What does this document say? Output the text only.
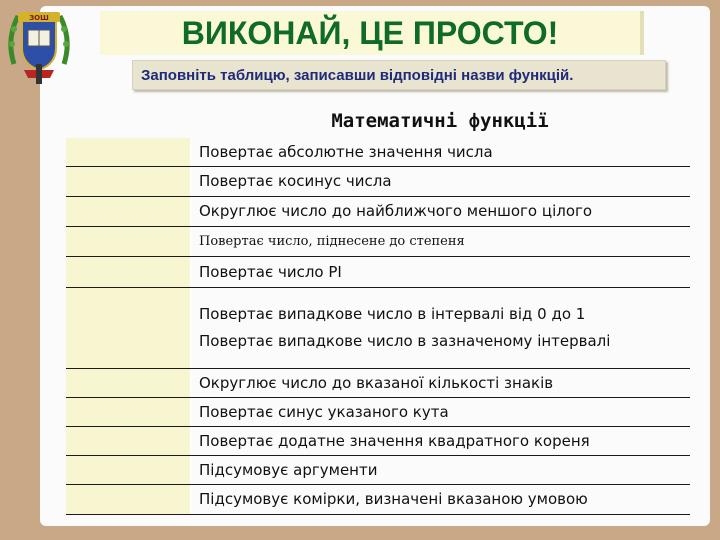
ЗОШ	ВИКОНАЙ, ЦЕ ПРОСТО!
Заповніть таблицю, записавши відповідні назви функцій.
Математичні функції
Повертає абсолютне значення числа
Повертає косинус числа
Округлює число до найближчого меншого цілого
Повертає число, піднесене до степеня
Повертає число PI
Повертає випадкове число в інтервалі від 0 до 1
Повертає випадкове число в зазначеному інтервалі
Округлює число до вказаної кількості знаків
Повертає синус указаного кута
Повертає додатне значення квадратного кореня
Підсумовує аргументи
Підсумовує комірки, визначені вказаною умовою
